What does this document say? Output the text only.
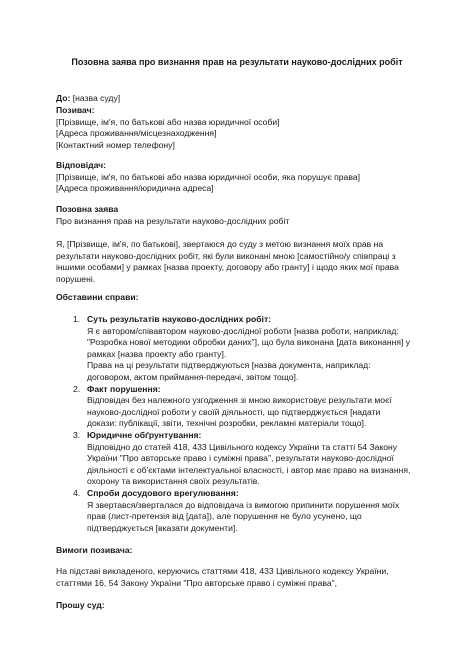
Позовна заява про визнання прав на результати науково-дослідних робіт
До: [назва суду]

Позивач:

[Прізвище, ім'я, по батькові або назва юридичної особи]

[Адреса проживання/місцезнаходження]

[Контактний номер телефону]

Відповідач:

[Прізвище, ім'я, по батькові або назва юридичної особи, яка порушує права]

[Адреса проживання/юридична адреса]

Позовна заява

Про визнання прав на результати науково-дослідних робіт

Я, [Прізвище, ім'я, по батькові], звертаюся до суду з метою визнання моїх прав на

результати науково-дослідних робіт, які були виконані мною [самостійно/у співпраці з

іншими особами] у рамках [назва проекту, договору або гранту] і щодо яких мої права

порушені.

Обставини справи:
1. Суть результатів науково-дослідних робіт:

Я є автором/співавтором науково-дослідної роботи [назва роботи, наприклад:

"Розробка нової методики обробки даних"], що була виконана [дата виконання] у

рамках [назва проекту або гранту].

Права на ці результати підтверджуються [назва документа, наприклад:

договором, актом приймання-передачі, звітом тощо].

2. Факт порушення:

Відповідач без належного узгодження зі мною використовує результати моєї

науково-дослідної роботи у своїй діяльності, що підтверджується [надати

докази: публікації, звіти, технічні розробки, рекламні матеріали тощо].

3. Юридичне обґрунтування:

Відповідно до статей 418, 433 Цивільного кодексу України та статті 54 Закону

України "Про авторське право і суміжні права", результати науково-дослідної

діяльності є об'єктами інтелектуальної власності, і автор має право на визнання,

охорону та використання своїх результатів.

4. Спроби досудового врегулювання:

Я звертався/зверталася до відповідача із вимогою припинити порушення моїх

прав (лист-претензія від [дата]), але порушення не було усунено, що

підтверджується [вказати документи].

Вимоги позивача:

На підставі викладеного, керуючись статтями 418, 433 Цивільного кодексу України,

статтями 16, 54 Закону України "Про авторське право і суміжні права",

Прошу суд:
